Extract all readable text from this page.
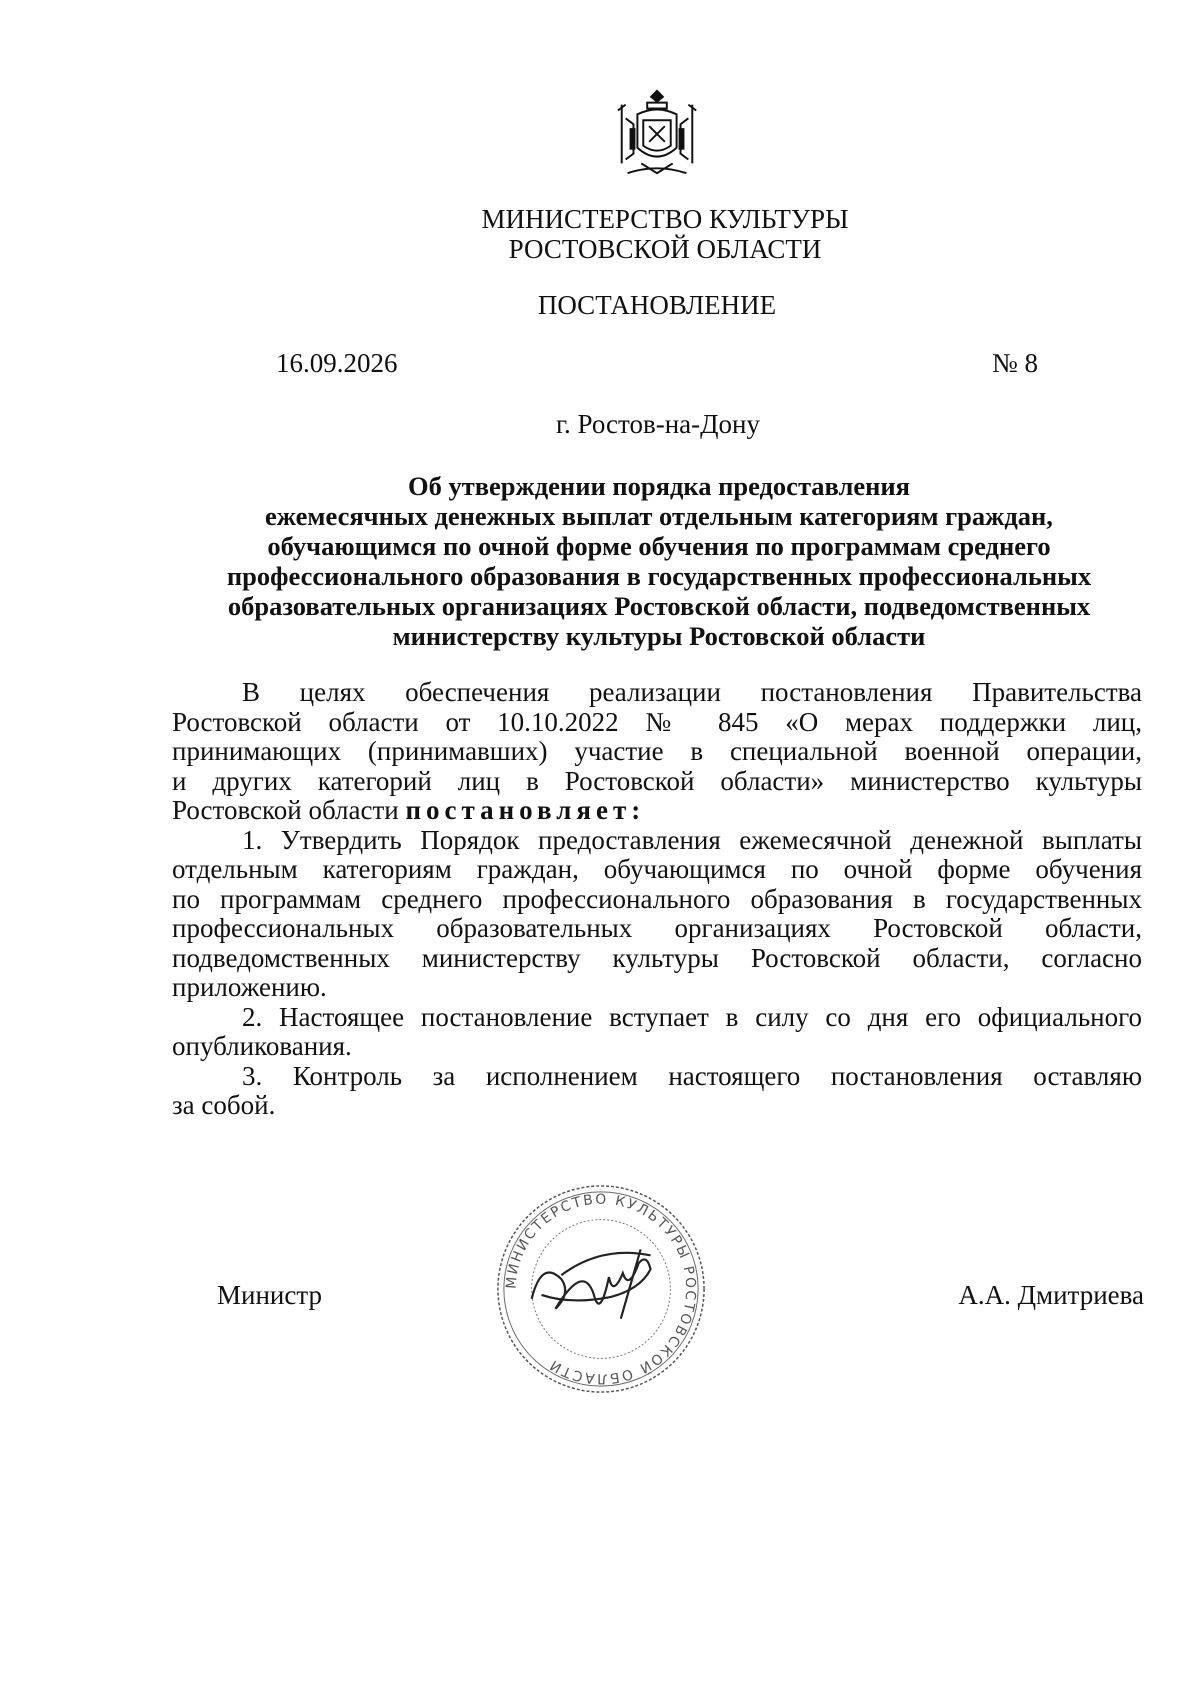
МИНИСТЕРСТВО КУЛЬТУРЫ
РОСТОВСКОЙ ОБЛАСТИ
ПОСТАНОВЛЕНИЕ
16.09.2026	№ 8
г. Ростов-на-Дону
Об утверждении порядка предоставления
ежемесячных денежных выплат отдельным категориям граждан,
обучающимся по очной форме обучения по программам среднего
профессионального образования в государственных профессиональных
образовательных организациях Ростовской области, подведомственных
министерству культуры Ростовской области
В целях обеспечения реализации постановления Правительства
Ростовской области от 10.10.2022 № 845 «О мерах поддержки лиц,
принимающих (принимавших) участие в специальной военной операции,
и других категорий лиц в Ростовской области» министерство культуры
Ростовской области постановляет:
1. Утвердить Порядок предоставления ежемесячной денежной выплаты
отдельным категориям граждан, обучающимся по очной форме обучения
по программам среднего профессионального образования в государственных
профессиональных образовательных организациях Ростовской области,
подведомственных министерству культуры Ростовской области, согласно
приложению.
2. Настоящее постановление вступает в силу со дня его официального
опубликования.
3. Контроль за исполнением настоящего постановления оставляю
за собой.
МИНИСТЕРСТВО КУЛЬТУРЫ РОСТОВСКОЙ ОБЛАСТИ
Министр	А.А. Дмитриева
